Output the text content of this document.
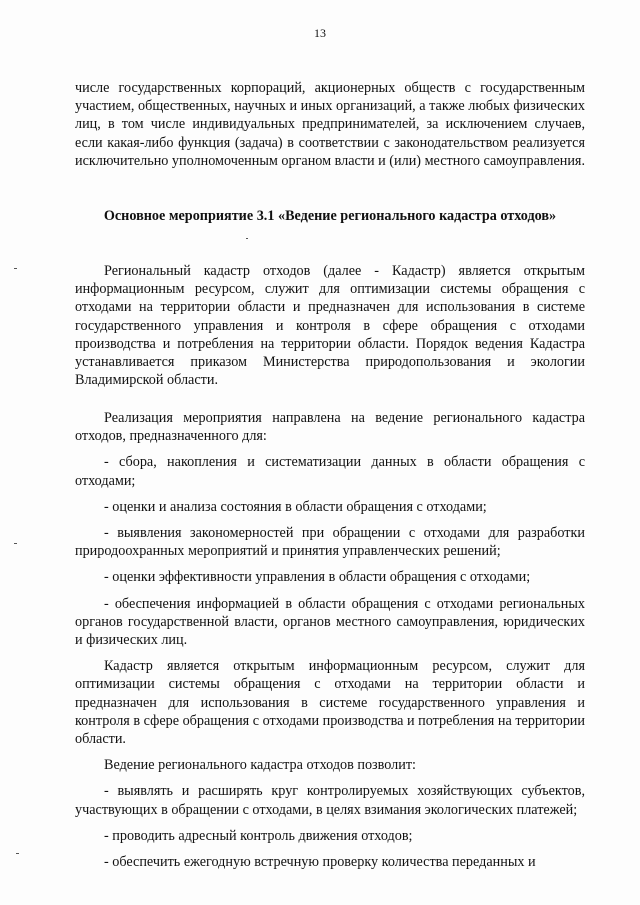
13

числе государственных корпораций, акционерных обществ с государственным участием, общественных, научных и иных организаций, а также любых физических лиц, в том числе индивидуальных предпринимателей, за исключением случаев, если какая-либо функция (задача) в соответствии с законодательством реализуется исключительно уполномоченным органом власти и (или) местного самоуправления.

Основное мероприятие 3.1 «Ведение регионального кадастра отходов»

Региональный кадастр отходов (далее - Кадастр) является открытым информационным ресурсом, служит для оптимизации системы обращения с отходами на территории области и предназначен для использования в системе государственного управления и контроля в сфере обращения с отходами производства и потребления на территории области. Порядок ведения Кадастра устанавливается приказом Министерства природопользования и экологии Владимирской области.

Реализация мероприятия направлена на ведение регионального кадастра отходов, предназначенного для:

- сбора, накопления и систематизации данных в области обращения с отходами;

- оценки и анализа состояния в области обращения с отходами;

- выявления закономерностей при обращении с отходами для разработки природоохранных мероприятий и принятия управленческих решений;

- оценки эффективности управления в области обращения с отходами;

- обеспечения информацией в области обращения с отходами региональных органов государственной власти, органов местного самоуправления, юридических и физических лиц.

Кадастр является открытым информационным ресурсом, служит для оптимизации системы обращения с отходами на территории области и предназначен для использования в системе государственного управления и контроля в сфере обращения с отходами производства и потребления на территории области.

Ведение регионального кадастра отходов позволит:

- выявлять и расширять круг контролируемых хозяйствующих субъектов, участвующих в обращении с отходами, в целях взимания экологических платежей;

- проводить адресный контроль движения отходов;

- обеспечить ежегодную встречную проверку количества переданных и
